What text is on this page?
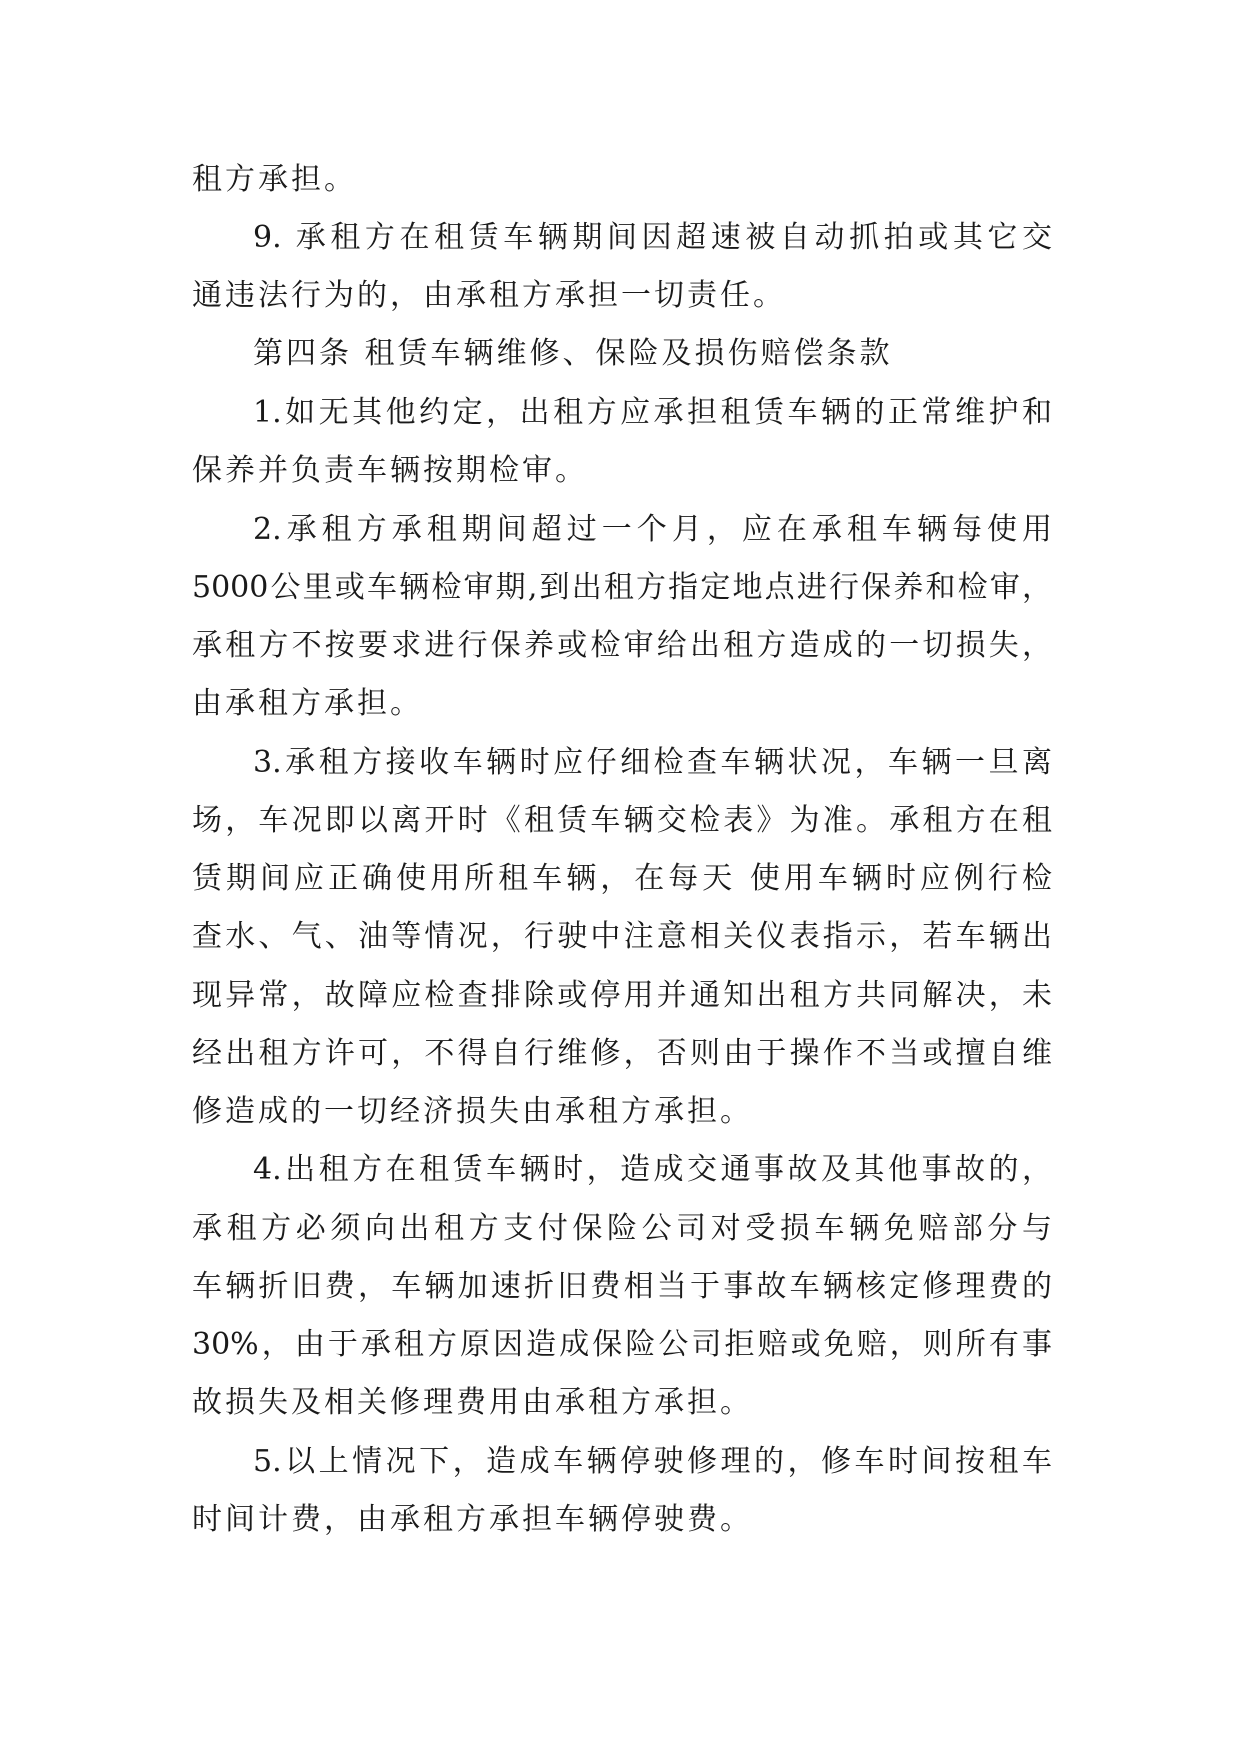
租方承担。
9. 承租方在租赁车辆期间因超速被自动抓拍或其它交
通违法行为的，由承租方承担一切责任。
第四条 租赁车辆维修、保险及损伤赔偿条款
1.如无其他约定，出租方应承担租赁车辆的正常维护和
保养并负责车辆按期检审。
2.承租方承租期间超过一个月，应在承租车辆每使用
5000公里或车辆检审期,到出租方指定地点进行保养和检审，
承租方不按要求进行保养或检审给出租方造成的一切损失，
由承租方承担。
3.承租方接收车辆时应仔细检查车辆状况，车辆一旦离
场，车况即以离开时《租赁车辆交检表》为准。承租方在租
赁期间应正确使用所租车辆，在每天 使用车辆时应例行检
查水、气、油等情况，行驶中注意相关仪表指示，若车辆出
现异常，故障应检查排除或停用并通知出租方共同解决，未
经出租方许可，不得自行维修，否则由于操作不当或擅自维
修造成的一切经济损失由承租方承担。
4.出租方在租赁车辆时，造成交通事故及其他事故的，
承租方必须向出租方支付保险公司对受损车辆免赔部分与
车辆折旧费，车辆加速折旧费相当于事故车辆核定修理费的
30%，由于承租方原因造成保险公司拒赔或免赔，则所有事
故损失及相关修理费用由承租方承担。
5.以上情况下，造成车辆停驶修理的，修车时间按租车
时间计费，由承租方承担车辆停驶费。
